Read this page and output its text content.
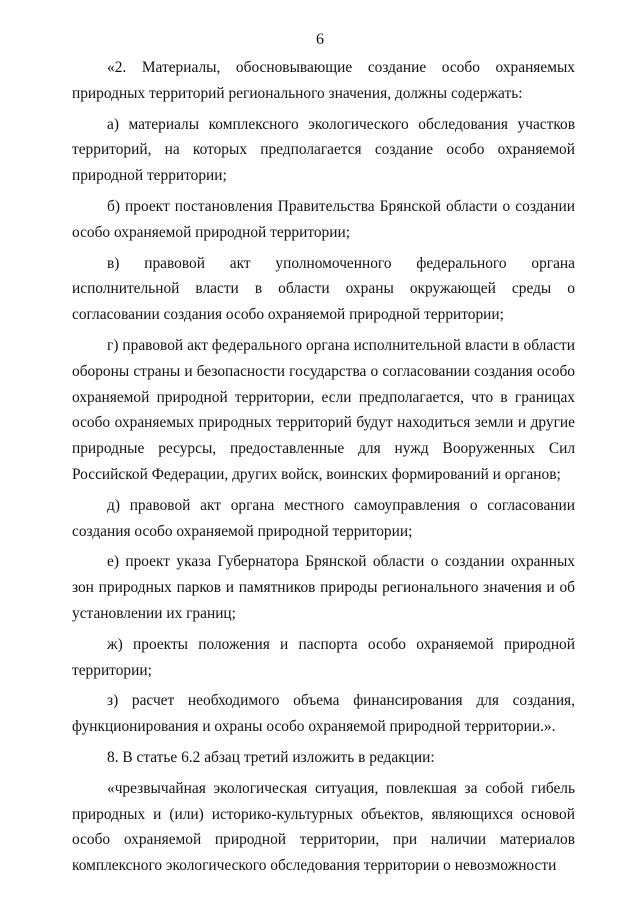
6

«2. Материалы, обосновывающие создание особо охраняемых природных территорий регионального значения, должны содержать:

а) материалы комплексного экологического обследования участков территорий, на которых предполагается создание особо охраняемой природной территории;

б) проект постановления Правительства Брянской области о создании особо охраняемой природной территории;

в) правовой акт уполномоченного федерального органа исполнительной власти в области охраны окружающей среды о согласовании создания особо охраняемой природной территории;

г) правовой акт федерального органа исполнительной власти в области обороны страны и безопасности государства о согласовании создания особо охраняемой природной территории, если предполагается, что в границах особо охраняемых природных территорий будут находиться земли и другие природные ресурсы, предоставленные для нужд Вооруженных Сил Российской Федерации, других войск, воинских формирований и органов;

д) правовой акт органа местного самоуправления о согласовании создания особо охраняемой природной территории;

е) проект указа Губернатора Брянской области о создании охранных зон природных парков и памятников природы регионального значения и об установлении их границ;

ж) проекты положения и паспорта особо охраняемой природной территории;

з) расчет необходимого объема финансирования для создания, функционирования и охраны особо охраняемой природной территории.».

8. В статье 6.2 абзац третий изложить в редакции:

«чрезвычайная экологическая ситуация, повлекшая за собой гибель природных и (или) историко-культурных объектов, являющихся основой особо охраняемой природной территории, при наличии материалов комплексного экологического обследования территории о невозможности
